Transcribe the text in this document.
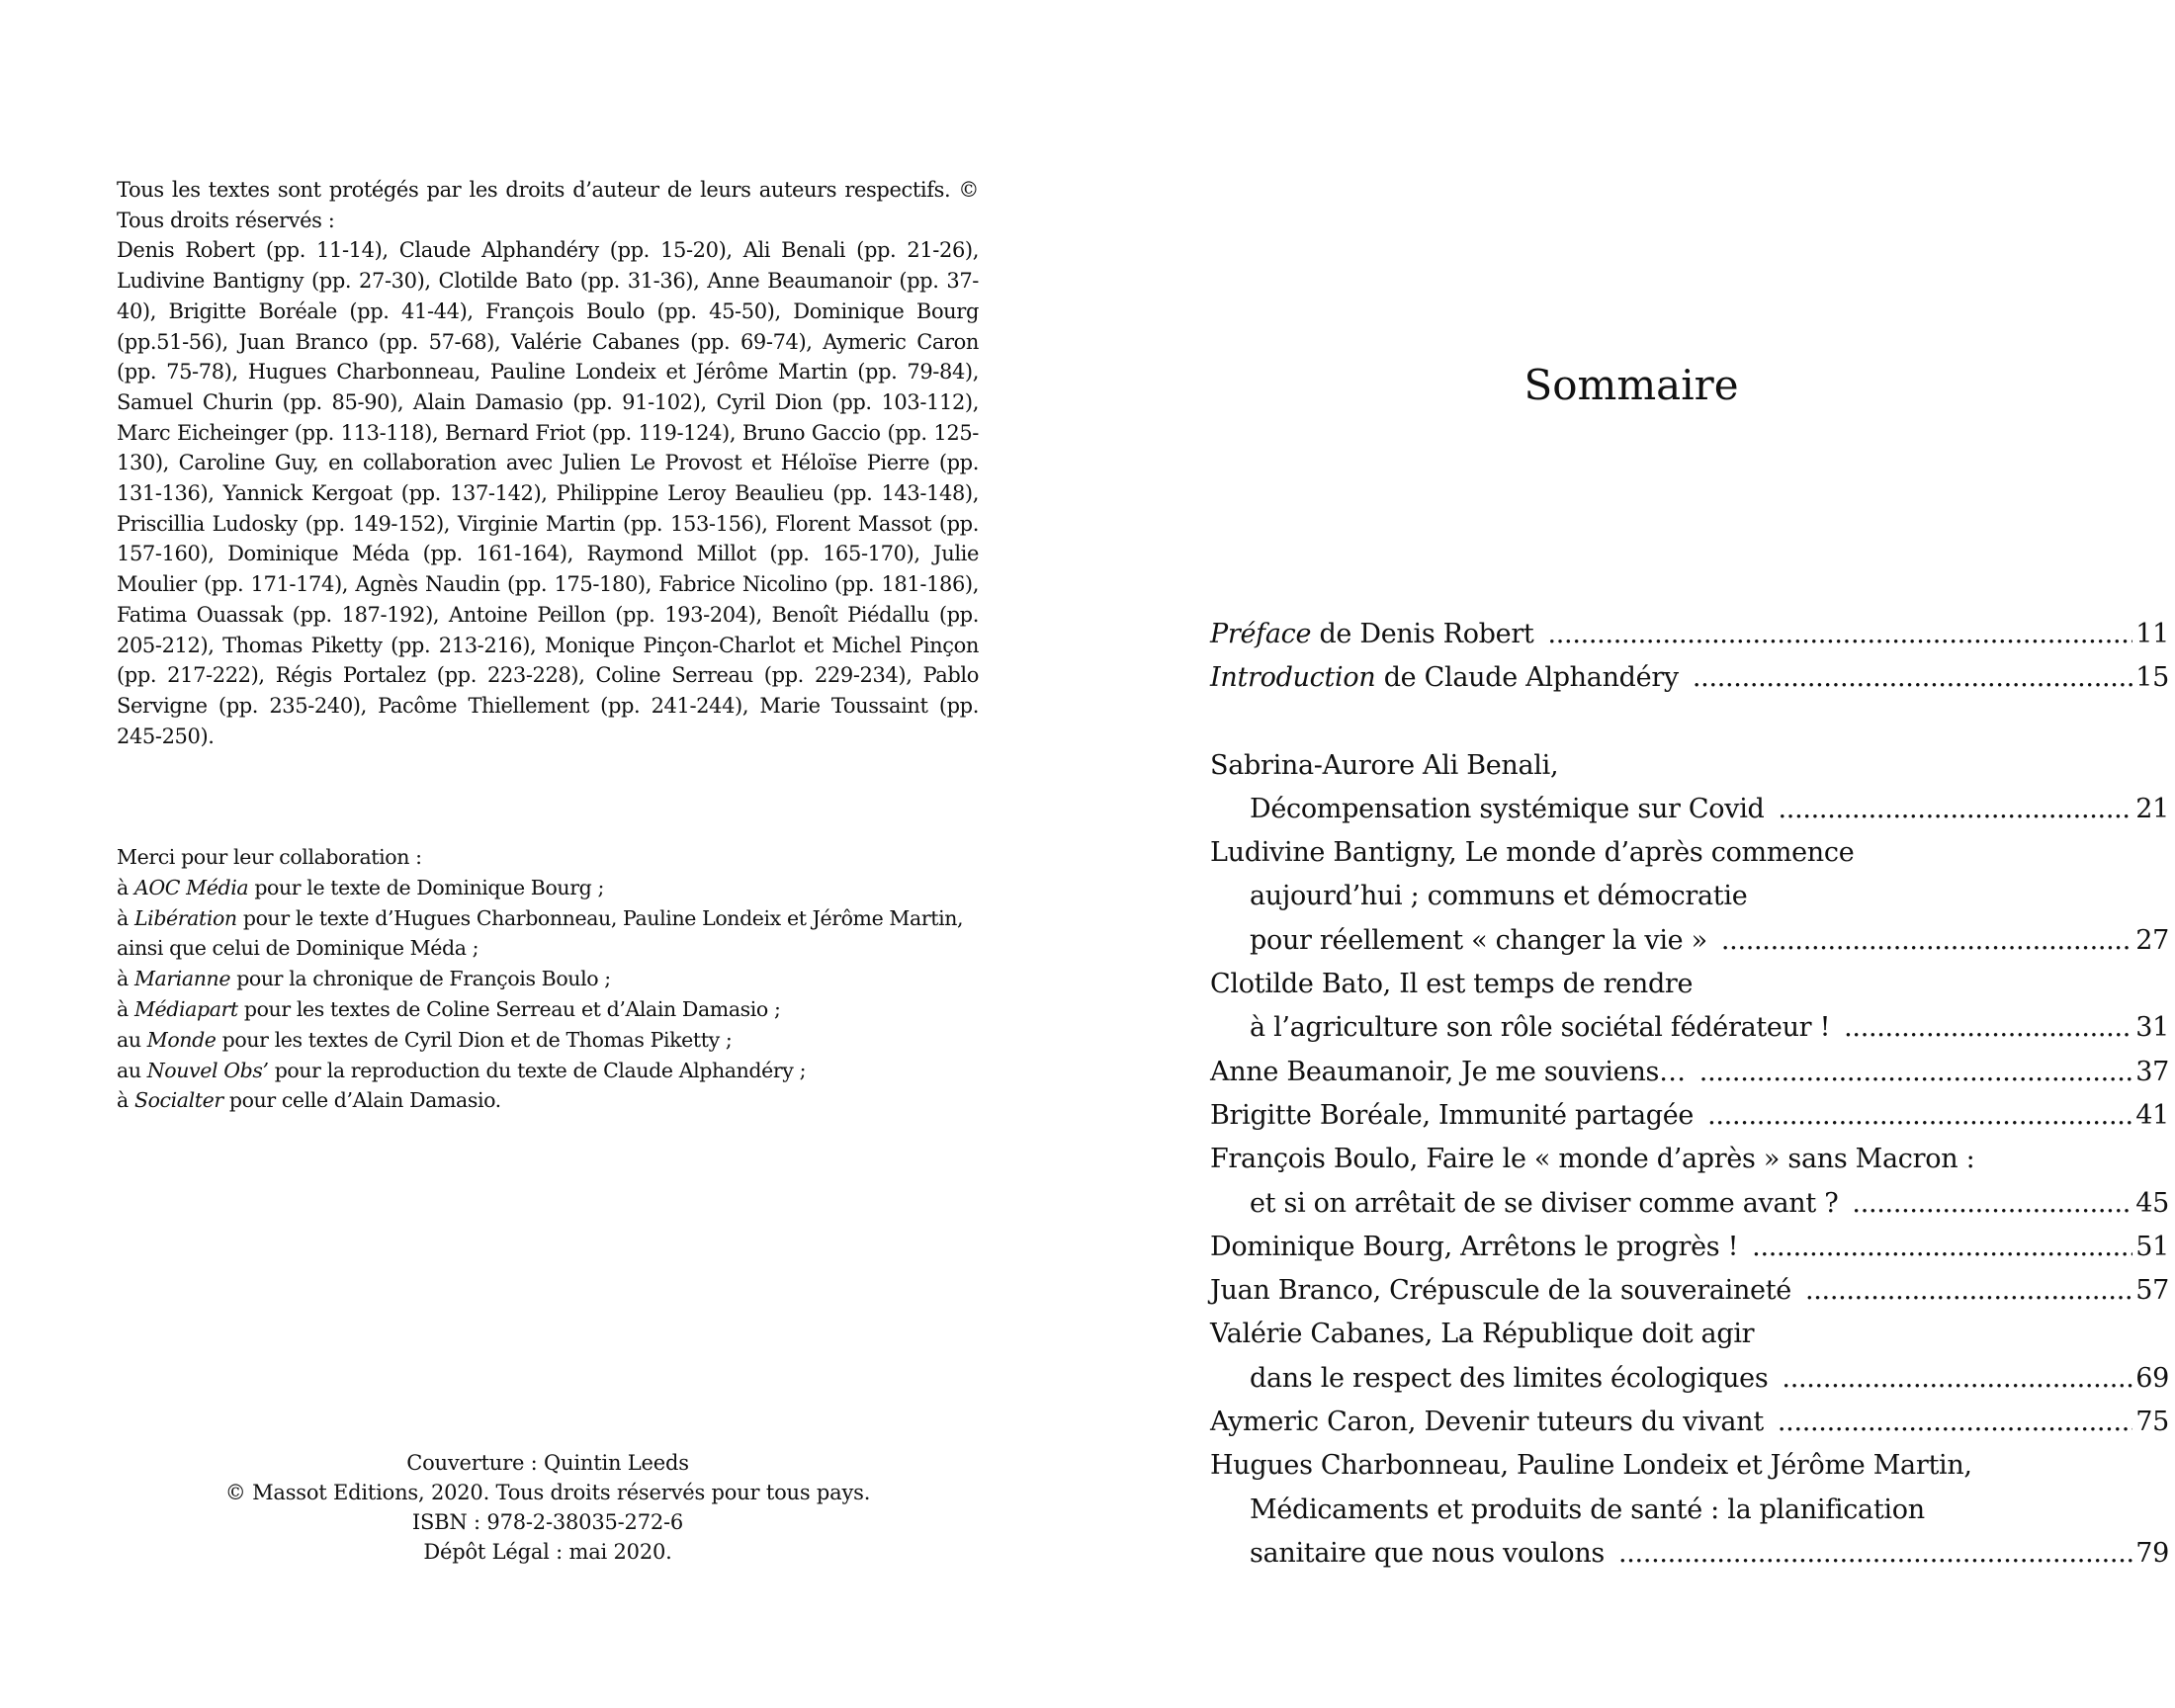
Tous les textes sont protégés par les droits d’auteur de leurs auteurs respectifs. © Tous droits réservés :

Denis Robert (pp. 11-14), Claude Alphandéry (pp. 15-20), Ali Benali (pp. 21-26), Ludivine Bantigny (pp. 27-30), Clotilde Bato (pp. 31-36), Anne Beaumanoir (pp. 37-40), Brigitte Boréale (pp. 41-44), François Boulo (pp. 45-50), Dominique Bourg (pp.51-56), Juan Branco (pp. 57-68), Valérie Cabanes (pp. 69-74), Aymeric Caron (pp. 75-78), Hugues Charbonneau, Pauline Londeix et Jérôme Martin (pp. 79-84), Samuel Churin (pp. 85-90), Alain Damasio (pp. 91-102), Cyril Dion (pp. 103-112), Marc Eicheinger (pp. 113-118), Bernard Friot (pp. 119-124), Bruno Gaccio (pp. 125-130), Caroline Guy, en collaboration avec Julien Le Provost et Héloïse Pierre (pp. 131-136), Yannick Kergoat (pp. 137-142), Philippine Leroy Beaulieu (pp. 143-148), Priscillia Ludosky (pp. 149-152), Virginie Martin (pp. 153-156), Florent Massot (pp. 157-160), Dominique Méda (pp. 161-164), Raymond Millot (pp. 165-170), Julie Moulier (pp. 171-174), Agnès Naudin (pp. 175-180), Fabrice Nicolino (pp. 181-186), Fatima Ouassak (pp. 187-192), Antoine Peillon (pp. 193-204), Benoît Piédallu (pp. 205-212), Thomas Piketty (pp. 213-216), Monique Pinçon-Charlot et Michel Pinçon (pp. 217-222), Régis Portalez (pp. 223-228), Coline Serreau (pp. 229-234), Pablo Servigne (pp. 235-240), Pacôme Thiellement (pp. 241-244), Marie Toussaint (pp. 245-250).

Merci pour leur collaboration :
à AOC Média pour le texte de Dominique Bourg ;
à Libération pour le texte d’Hugues Charbonneau, Pauline Londeix et Jérôme Martin,
ainsi que celui de Dominique Méda ;
à Marianne pour la chronique de François Boulo ;
à Médiapart pour les textes de Coline Serreau et d’Alain Damasio ;
au Monde pour les textes de Cyril Dion et de Thomas Piketty ;
au Nouvel Obs’ pour la reproduction du texte de Claude Alphandéry ;
à Socialter pour celle d’Alain Damasio.
Couverture : Quintin Leeds
© Massot Editions, 2020. Tous droits réservés pour tous pays.
ISBN : 978-2-38035-272-6
Dépôt Légal : mai 2020.
Sommaire
Préface de Denis Robert .....	11
Introduction de Claude Alphandéry .....	15
Sabrina-Aurore Ali Benali,
Décompensation systémique sur Covid .....	21
Ludivine Bantigny, Le monde d’après commence
aujourd’hui ; communs et démocratie
pour réellement « changer la vie » .....	27
Clotilde Bato, Il est temps de rendre
à l’agriculture son rôle sociétal fédérateur ! .....	31
Anne Beaumanoir, Je me souviens… .....	37
Brigitte Boréale, Immunité partagée .....	41
François Boulo, Faire le « monde d’après » sans Macron :
et si on arrêtait de se diviser comme avant ? .....	45
Dominique Bourg, Arrêtons le progrès ! .....	51
Juan Branco, Crépuscule de la souveraineté .....	57
Valérie Cabanes, La République doit agir
dans le respect des limites écologiques .....	69
Aymeric Caron, Devenir tuteurs du vivant .....	75
Hugues Charbonneau, Pauline Londeix et Jérôme Martin,
Médicaments et produits de santé : la planification
sanitaire que nous voulons .....	79
